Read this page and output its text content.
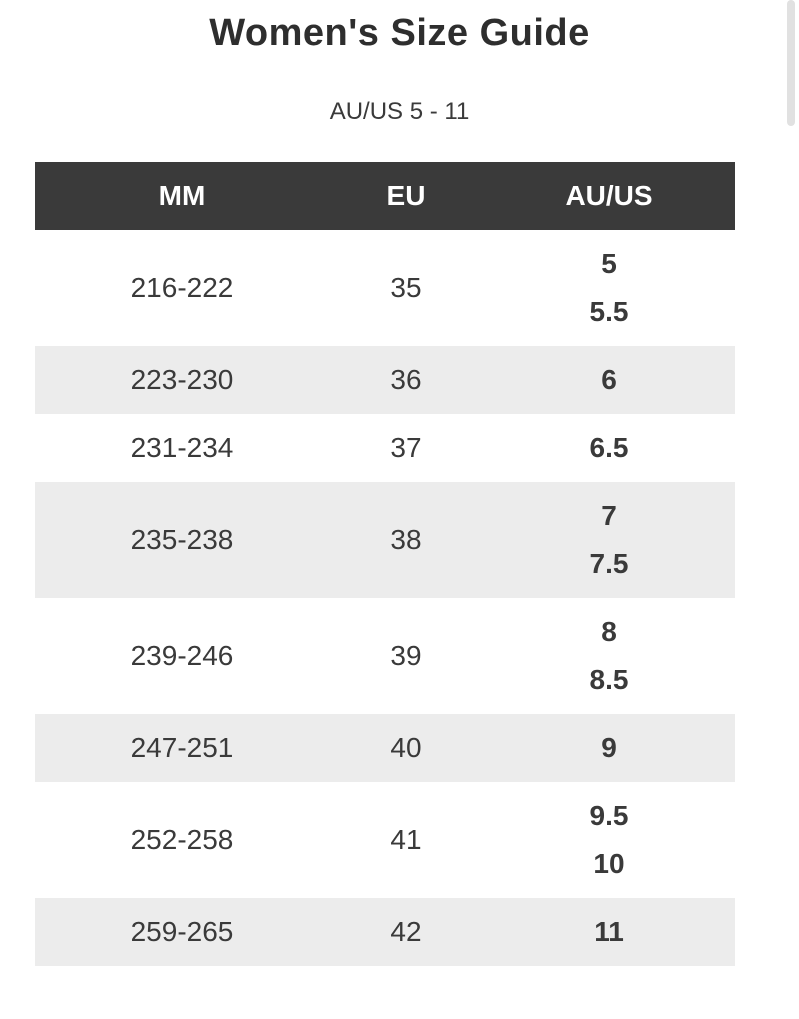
Women's Size Guide
AU/US 5 - 11
MM	EU	AU/US
216-222	35	5
5.5

223-230	36	6

231-234	37	6.5

235-238	38	7
7.5

239-246	39	8
8.5

247-251	40	9

252-258	41	9.5
10

259-265	42	11
